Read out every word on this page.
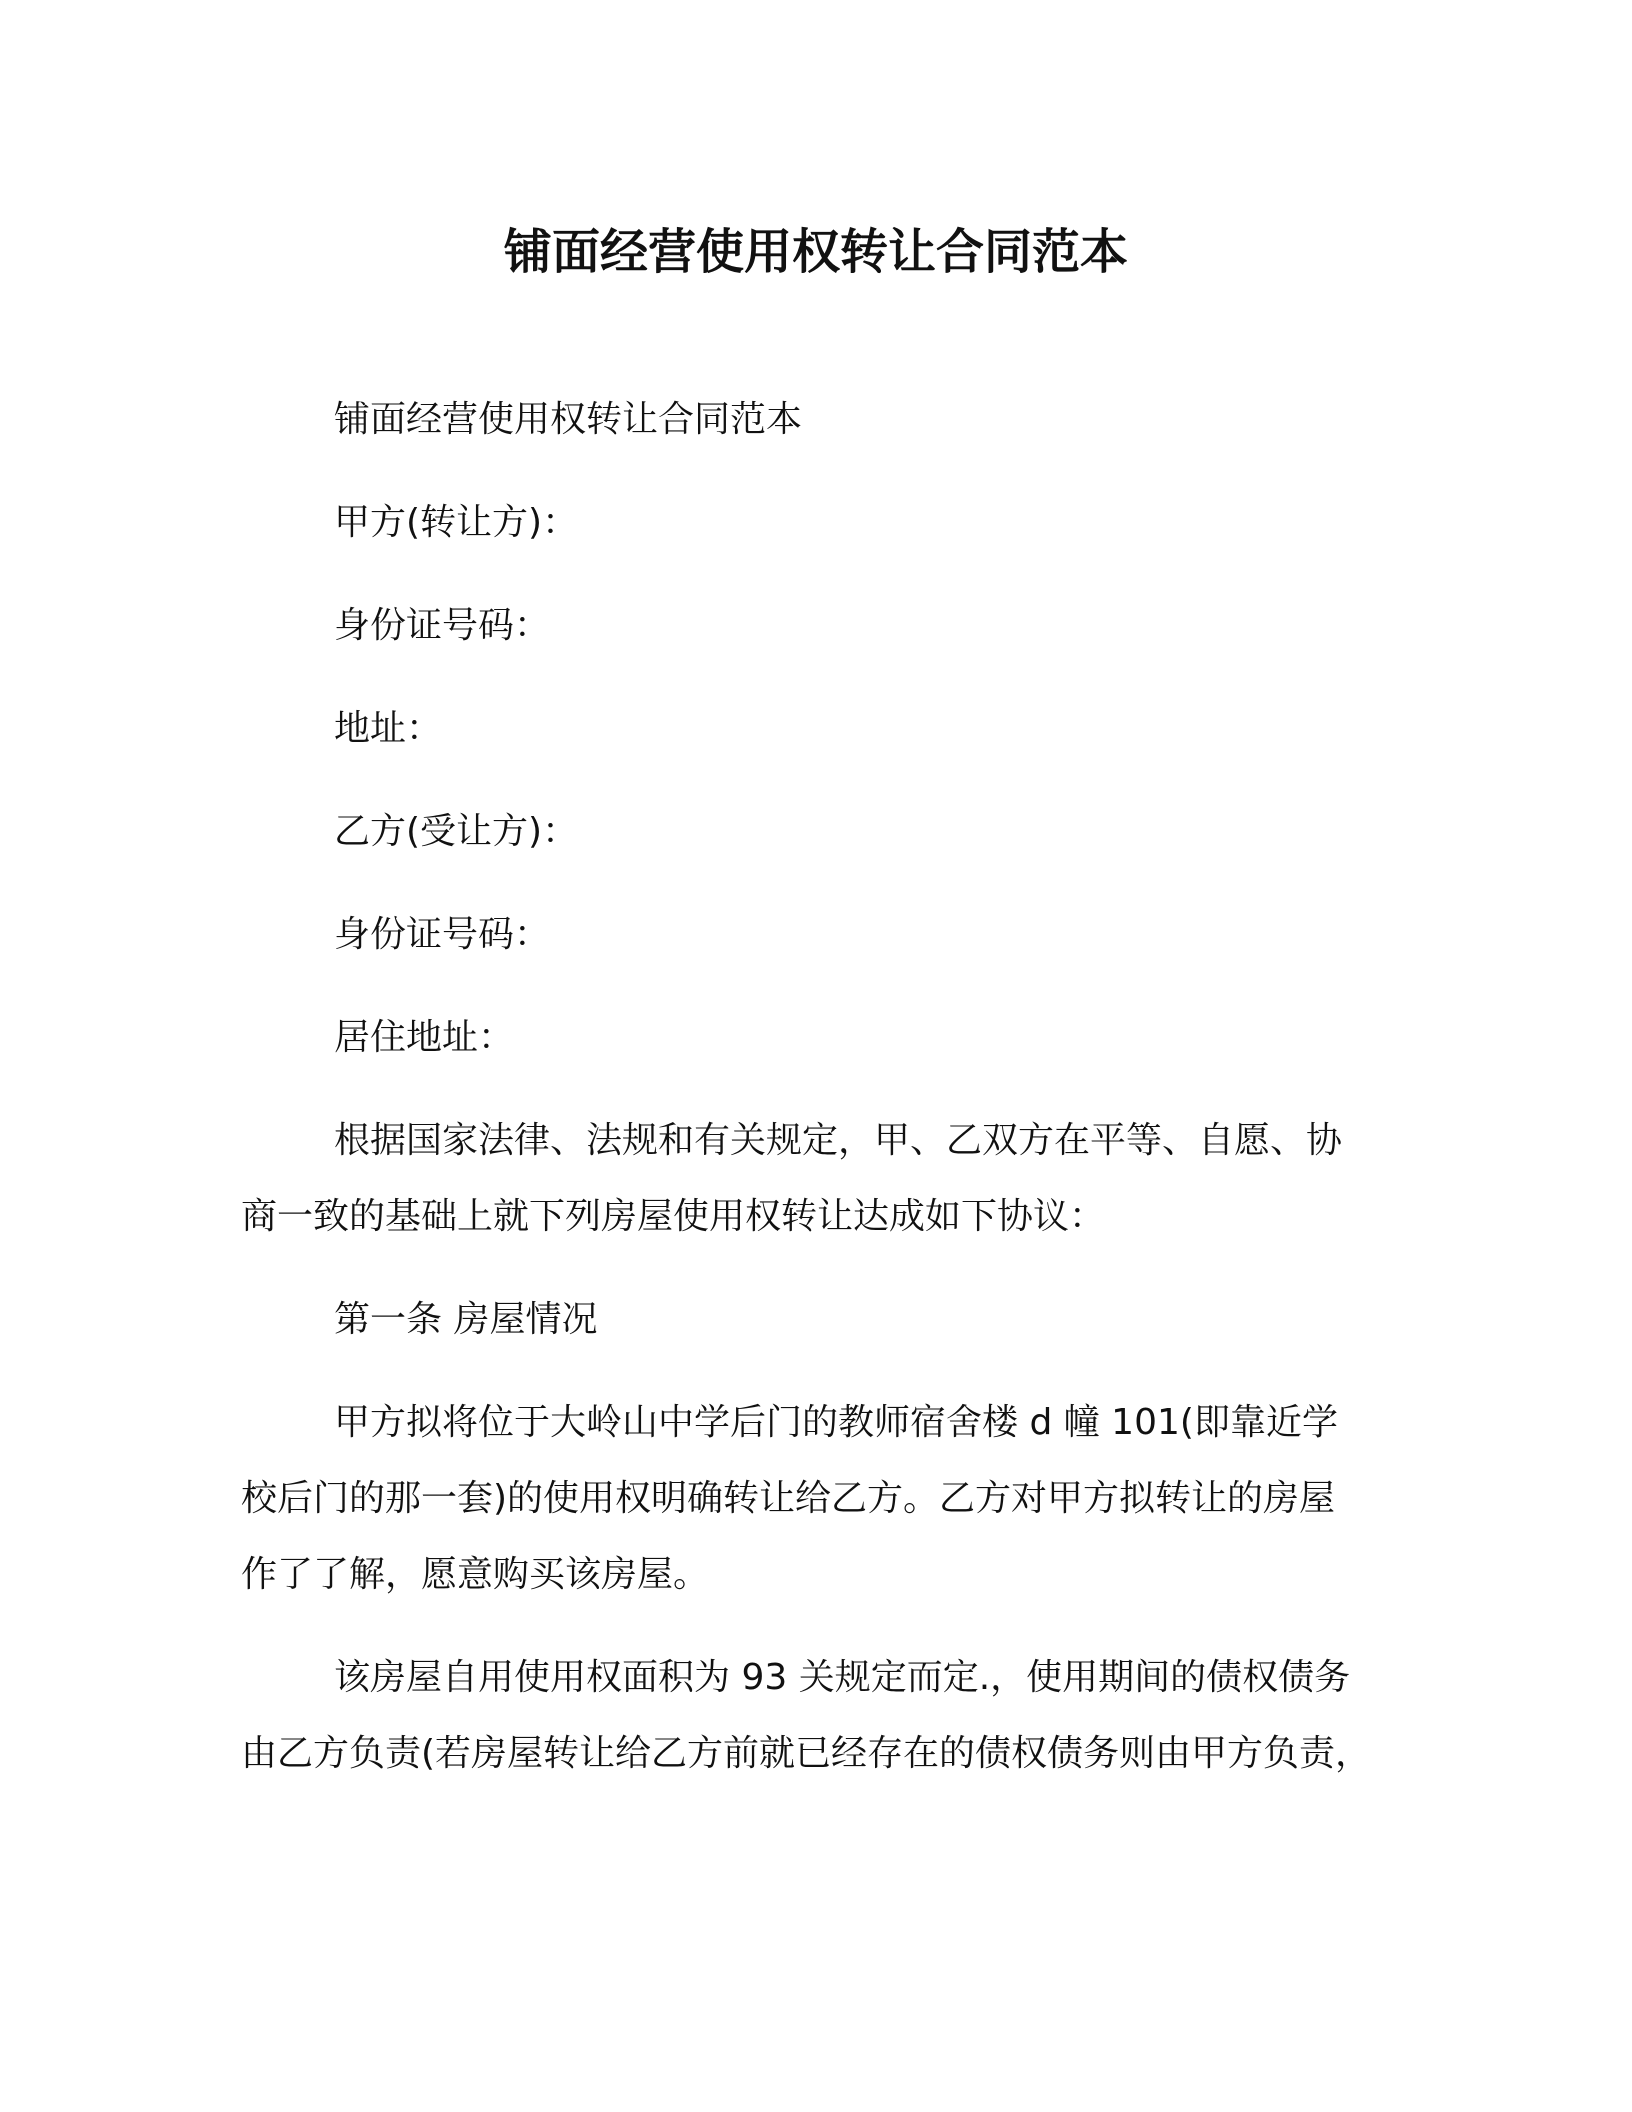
铺面经营使用权转让合同范本
铺面经营使用权转让合同范本
甲方(转让方)：
身份证号码：
地址：
乙方(受让方)：
身份证号码：
居住地址：
根据国家法律、法规和有关规定，甲、乙双方在平等、自愿、协
商一致的基础上就下列房屋使用权转让达成如下协议：
第一条 房屋情况
甲方拟将位于大岭山中学后门的教师宿舍楼 d 幢 101(即靠近学
校后门的那一套)的使用权明确转让给乙方。乙方对甲方拟转让的房屋
作了了解，愿意购买该房屋。
该房屋自用使用权面积为 93 关规定而定.，使用期间的债权债务
由乙方负责(若房屋转让给乙方前就已经存在的债权债务则由甲方负责，
